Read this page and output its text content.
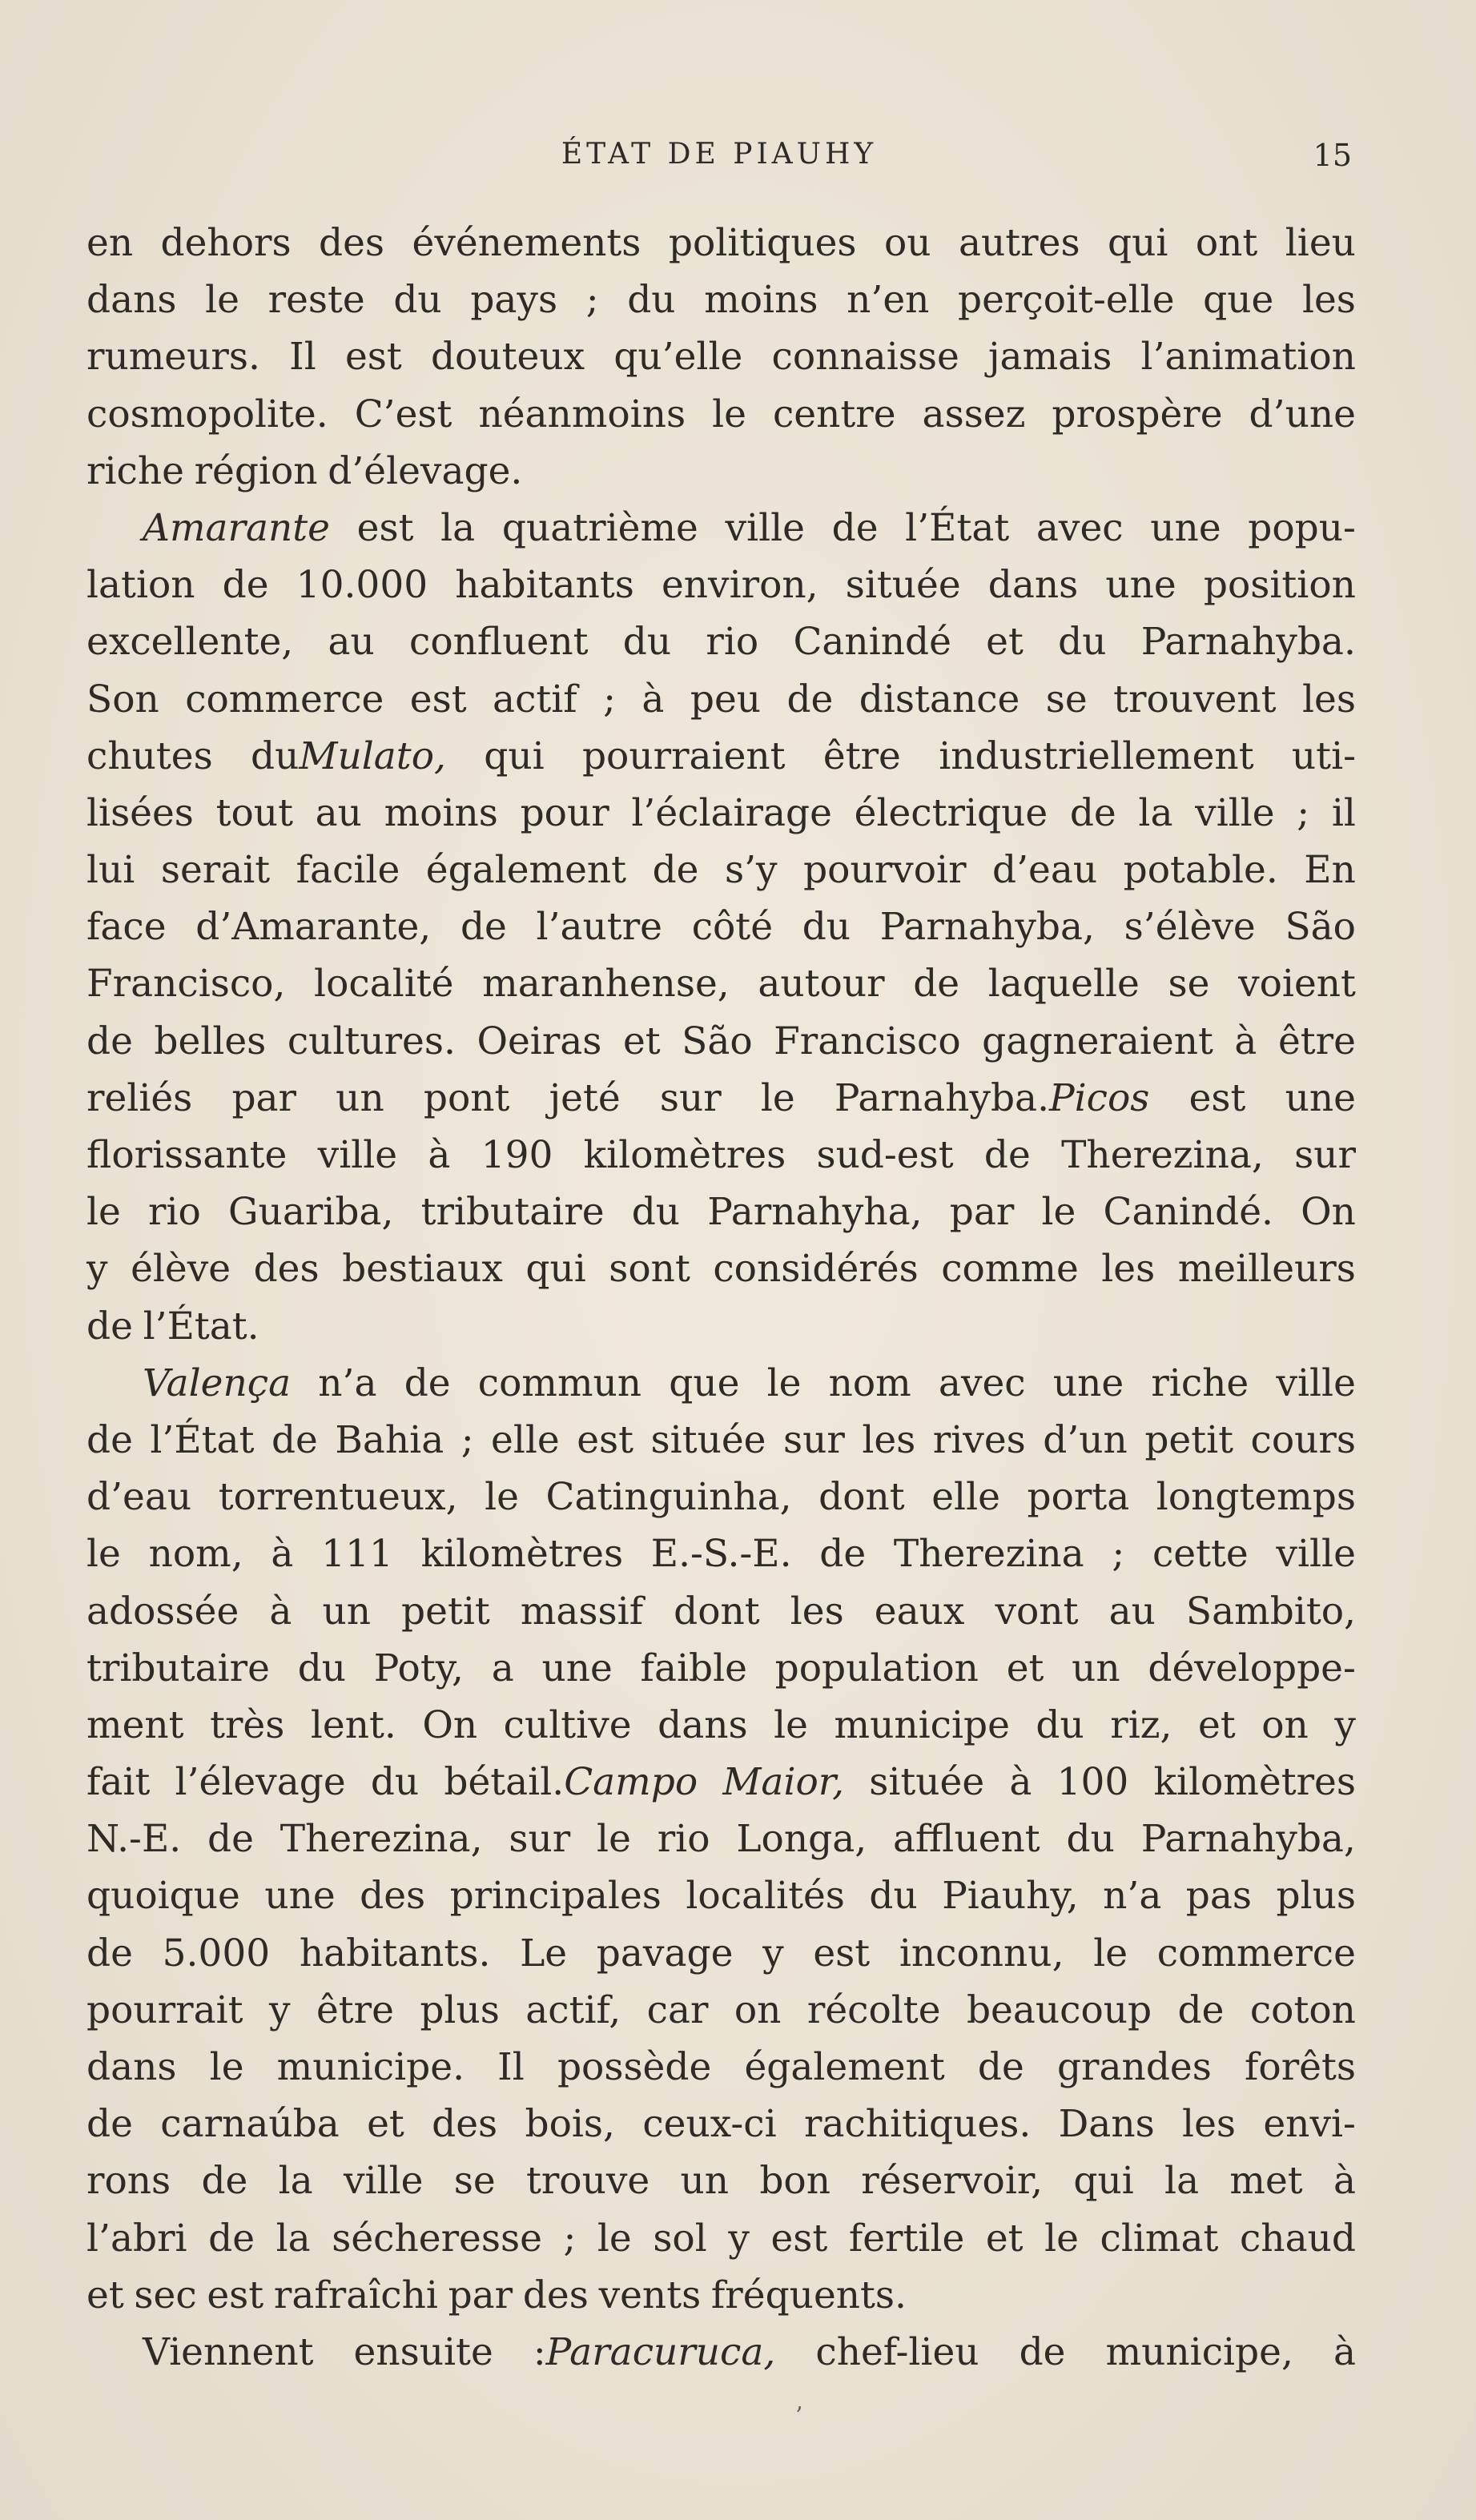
ÉTAT DE PIAUHY	15
en dehors des événements politiques ou autres qui ont lieu
dans le reste du pays ; du moins n’en perçoit-elle que les
rumeurs. Il est douteux qu’elle connaisse jamais l’animation
cosmopolite. C’est néanmoins le centre assez prospère d’une
riche région d’élevage.
Amarante est la quatrième ville de l’État avec une popu-
lation de 10.000 habitants environ, située dans une position
excellente, au confluent du rio Canindé et du Parnahyba.
Son commerce est actif ; à peu de distance se trouvent les
chutes duMulato, qui pourraient être industriellement uti-
lisées tout au moins pour l’éclairage électrique de la ville ; il
lui serait facile également de s’y pourvoir d’eau potable. En
face d’Amarante, de l’autre côté du Parnahyba, s’élève São
Francisco, localité maranhense, autour de laquelle se voient
de belles cultures. Oeiras et São Francisco gagneraient à être
reliés par un pont jeté sur le Parnahyba.Picos est une
florissante ville à 190 kilomètres sud-est de Therezina, sur
le rio Guariba, tributaire du Parnahyha, par le Canindé. On
y élève des bestiaux qui sont considérés comme les meilleurs
de l’État.
Valença n’a de commun que le nom avec une riche ville
de l’État de Bahia ; elle est située sur les rives d’un petit cours
d’eau torrentueux, le Catinguinha, dont elle porta longtemps
le nom, à 111 kilomètres E.-S.-E. de Therezina ; cette ville
adossée à un petit massif dont les eaux vont au Sambito,
tributaire du Poty, a une faible population et un développe-
ment très lent. On cultive dans le municipe du riz, et on y
fait l’élevage du bétail.Campo Maior, située à 100 kilomètres
N.-E. de Therezina, sur le rio Longa, affluent du Parnahyba,
quoique une des principales localités du Piauhy, n’a pas plus
de 5.000 habitants. Le pavage y est inconnu, le commerce
pourrait y être plus actif, car on récolte beaucoup de coton
dans le municipe. Il possède également de grandes forêts
de carnaúba et des bois, ceux-ci rachitiques. Dans les envi-
rons de la ville se trouve un bon réservoir, qui la met à
l’abri de la sécheresse ; le sol y est fertile et le climat chaud
et sec est rafraîchi par des vents fréquents.
Viennent ensuite :Paracuruca, chef-lieu de municipe, à
’
